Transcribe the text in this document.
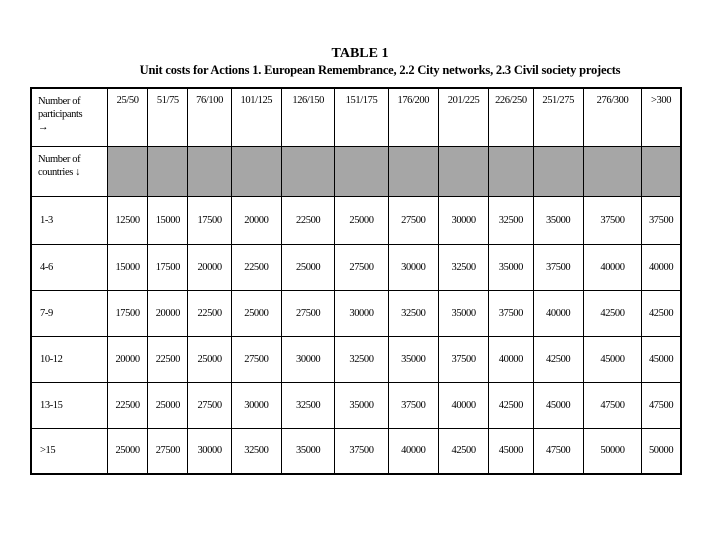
TABLE 1
Unit costs for Actions 1. European Remembrance, 2.2 City networks, 2.3 Civil society projects
Number of
participants
→	25/50	51/75	76/100	101/125	126/150	151/175	176/200	201/225	226/250	251/275	276/300	>300
Number of
countries ↓												
1-3	12500	15000	17500	20000	22500	25000	27500	30000	32500	35000	37500	37500
4-6	15000	17500	20000	22500	25000	27500	30000	32500	35000	37500	40000	40000
7-9	17500	20000	22500	25000	27500	30000	32500	35000	37500	40000	42500	42500
10-12	20000	22500	25000	27500	30000	32500	35000	37500	40000	42500	45000	45000
13-15	22500	25000	27500	30000	32500	35000	37500	40000	42500	45000	47500	47500
>15	25000	27500	30000	32500	35000	37500	40000	42500	45000	47500	50000	50000
